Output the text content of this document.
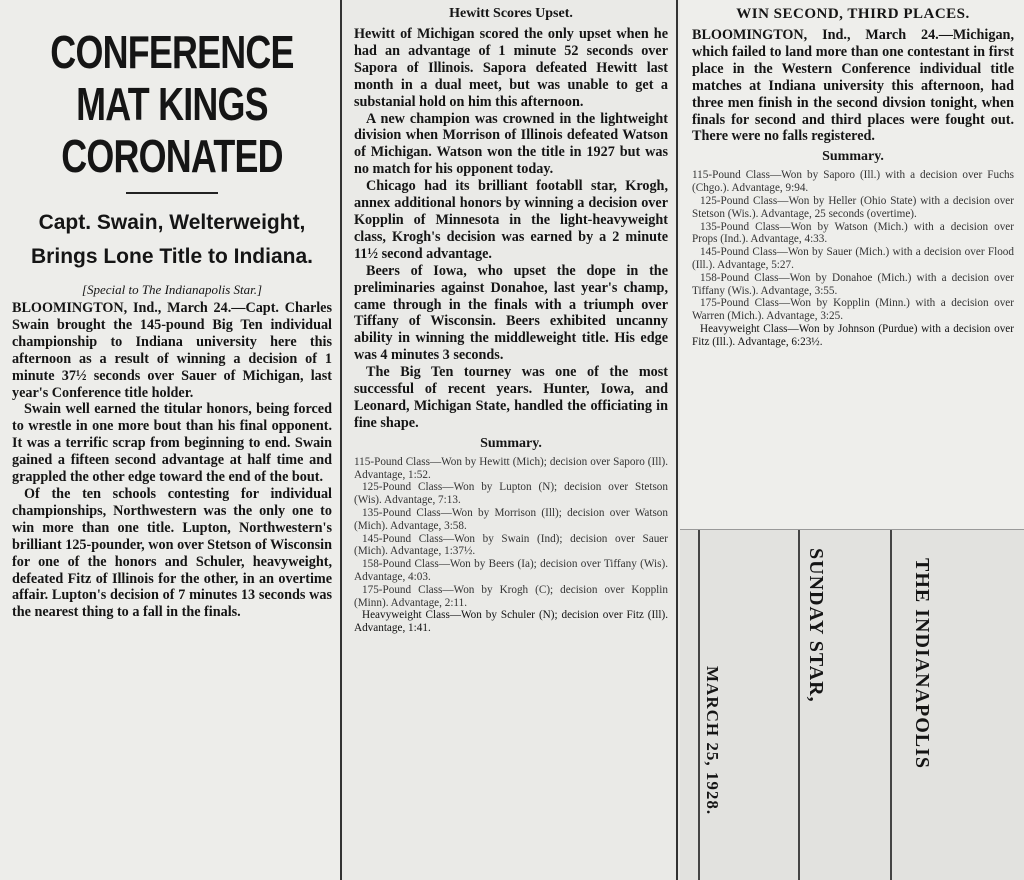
CONFERENCE MAT KINGS CORONATED
Capt. Swain, Welterweight, Brings Lone Title to Indiana.
[Special to The Indianapolis Star.]

BLOOMINGTON, Ind., March 24.—Capt. Charles Swain brought the 145-pound Big Ten individual championship to Indiana university here this afternoon as a result of winning a decision of 1 minute 37½ seconds over Sauer of Michigan, last year's Conference title holder.

Swain well earned the titular honors, being forced to wrestle in one more bout than his final opponent. It was a terrific scrap from beginning to end. Swain gained a fifteen second advantage at half time and grappled the other edge toward the end of the bout.

Of the ten schools contesting for individual championships, Northwestern was the only one to win more than one title. Lupton, Northwestern's brilliant 125-pounder, won over Stetson of Wisconsin for one of the honors and Schuler, heavyweight, defeated Fitz of Illinois for the other, in an overtime affair. Lupton's decision of 7 minutes 13 seconds was the nearest thing to a fall in the finals.

Hewitt Scores Upset.

Hewitt of Michigan scored the only upset when he had an advantage of 1 minute 52 seconds over Sapora of Illinois. Sapora defeated Hewitt last month in a dual meet, but was unable to get a substanial hold on him this afternoon.

A new champion was crowned in the lightweight division when Morrison of Illinois defeated Watson of Michigan. Watson won the title in 1927 but was no match for his opponent today.

Chicago had its brilliant footabll star, Krogh, annex additional honors by winning a decision over Kopplin of Minnesota in the light-heavyweight class, Krogh's decision was earned by a 2 minute 11½ second advantage.

Beers of Iowa, who upset the dope in the preliminaries against Donahoe, last year's champ, came through in the finals with a triumph over Tiffany of Wisconsin. Beers exhibited uncanny ability in winning the middleweight title. His edge was 4 minutes 3 seconds.

The Big Ten tourney was one of the most successful of recent years. Hunter, Iowa, and Leonard, Michigan State, handled the officiating in fine shape.

Summary.

115-Pound Class—Won by Hewitt (Mich); decision over Saporo (Ill). Advantage, 1:52.

125-Pound Class—Won by Lupton (N); decision over Stetson (Wis). Advantage, 7:13.

135-Pound Class—Won by Morrison (Ill); decision over Watson (Mich). Advantage, 3:58.

145-Pound Class—Won by Swain (Ind); decision over Sauer (Mich). Advantage, 1:37½.

158-Pound Class—Won by Beers (Ia); decision over Tiffany (Wis). Advantage, 4:03.

175-Pound Class—Won by Krogh (C); decision over Kopplin (Minn). Advantage, 2:11.

Heavyweight Class—Won by Schuler (N); decision over Fitz (Ill). Advantage, 1:41.

WIN SECOND, THIRD PLACES.

BLOOMINGTON, Ind., March 24.—Michigan, which failed to land more than one contestant in first place in the Western Conference individual title matches at Indiana university this afternoon, had three men finish in the second divsion tonight, when finals for second and third places were fought out. There were no falls registered.

Summary.

115-Pound Class—Won by Saporo (Ill.) with a decision over Fuchs (Chgo.). Advantage, 9:94.

125-Pound Class—Won by Heller (Ohio State) with a decision over Stetson (Wis.). Advantage, 25 seconds (overtime).

135-Pound Class—Won by Watson (Mich.) with a decision over Props (Ind.). Advantage, 4:33.

145-Pound Class—Won by Sauer (Mich.) with a decision over Flood (Ill.). Advantage, 5:27.

158-Pound Class—Won by Donahoe (Mich.) with a decision over Tiffany (Wis.). Advantage, 3:55.

175-Pound Class—Won by Kopplin (Minn.) with a decision over Warren (Mich.). Advantage, 3:25.

Heavyweight Class—Won by Johnson (Purdue) with a decision over Fitz (Ill.). Advantage, 6:23½.

MARCH 25, 1928.
SUNDAY STAR,	THE INDIANAPOLIS
